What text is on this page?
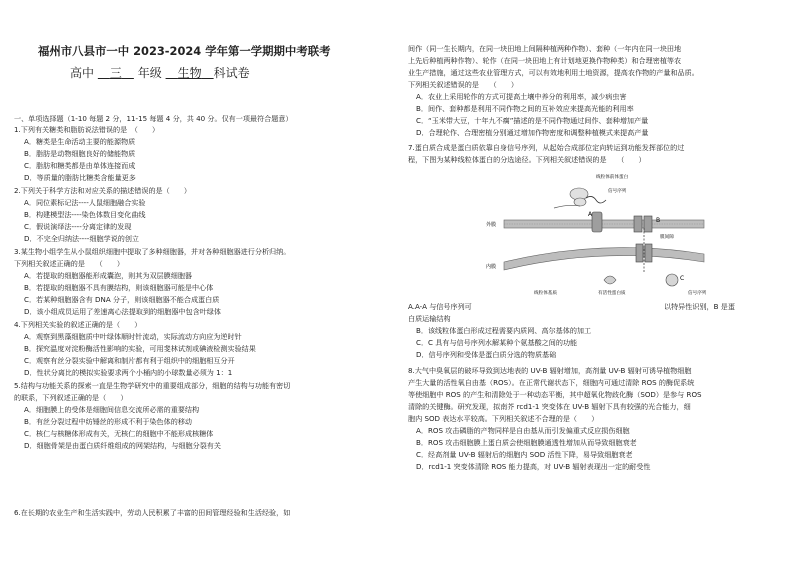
福州市八县市一中 2023-2024 学年第一学期期中考联考
高中 　 三　 年级 　 生物　 科试卷
一、单项选择题（1-10 每题 2 分，11-15 每题 4 分，共 40 分。仅有一项最符合题意）
1.下列有关糖类和脂肪说法错误的是　（　　）
A．糖类是生命活动主要的能源物质
B．脂肪是动物细胞良好的储能物质
C．脂肪和糖类都是由单体连接而成
D．等质量的脂肪比糖类含能量更多
2.下列关于科学方法和对应关系的描述错误的是（　　）
A．同位素标记法----人鼠细胞融合实验
B．构建模型法----染色体数目变化曲线
C．假说演绎法----分离定律的发现
D．不完全归纳法----细胞学说的创立
3.某生物小组学生从小鼠组织细胞中提取了多种细胞器，并对各种细胞器进行分析归纳。
下列相关叙述正确的是　　（　　）
A．若提取的细胞器能形成囊泡，则其为双层膜细胞器
B．若提取的细胞器不具有膜结构，则该细胞器可能是中心体
C．若某种细胞器含有 DNA 分子，则该细胞器不能合成蛋白质
D．该小组成员运用了差速离心法提取到的细胞器中包含叶绿体
4.下列相关实验的叙述正确的是（　　）
A．观察到黑藻细胞质中叶绿体顺时针流动，实际流动方向应为逆时针
B．探究温度对淀粉酶活性影响的实验，可用斐林试剂或碘液检测实验结果
C．观察有丝分裂实验中解离和制片都有利于组织中的细胞相互分开
D．性状分离比的模拟实验要求两个小桶内的小球数量必须为 1：1
5.结构与功能关系的探索一直是生物学研究中的重要组成部分，细胞的结构与功能有密切
的联系，下列叙述正确的是（　　）
A．细胞膜上的受体是细胞间信息交流所必需的重要结构
B．有丝分裂过程中纺锤丝的形成不利于染色体的移动
C．核仁与核糖体形成有关，无核仁的细胞中不能形成核糖体
D．细胞骨架是由蛋白质纤维组成的网架结构，与细胞分裂有关
6.在长期的农业生产和生活实践中，劳动人民积累了丰富的田间管理经验和生活经验，如
间作（同一生长期内，在同一块田地上间隔种植两种作物）、套种（一年内在同一块田地
上先后种植两种作物）、轮作（在同一块田地上有计划地更换作物种类）和合理密植等农
业生产措施，通过这些农业管理方式，可以有效地利用土地资源，提高农作物的产量和品质。
下列相关叙述错误的是　　（　　）
A．农业上采用轮作的方式可提高土壤中养分的利用率，减少病虫害
B．间作、套种都是利用不同作物之间的互补效应来提高光能的利用率
C．“玉米带大豆，十年九不瘸”描述的是不同作物通过间作、套种增加产量
D．合理轮作、合理密植分别通过增加作物密度和调整种植模式来提高产量
7.蛋白质合成是蛋白质依靠自身信号序列，从起始合成部位定向转运到功能发挥部位的过
程，下图为某种线粒体蛋白的分选途径。下列相关叙述错误的是　　（　　）
线粒体前体蛋白
信号序列
外膜
膜间隙
内膜
线粒体基质	有活性蛋白质	信号序列
A
B
C
A.A-A 与信号序列可	以特异性识别，B 是蛋
白质运输结构
B．该线粒体蛋白形成过程需要内质网、高尔基体的加工
C．C 具有与信号序列水解某种个氨基酸之间的功能
D．信号序列和受体是蛋白质分选的物质基础
8.大气中臭氧层的破坏导致到达地表的 UV-B 辐射增加，高剂量 UV-B 辐射可诱导植物细胞
产生大量的活性氧自由基（ROS）。在正常代谢状态下，细胞内可通过清除 ROS 的酶促系统
等使细胞中 ROS 的产生和清除处于一种动态平衡，其中超氧化物歧化酶（SOD）是参与 ROS
清除的关键酶。研究发现，拟南芥 rcd1-1 突变体在 UV-B 辐射下具有较强的光合能力，细
胞内 SOD 表达水平较高。下列相关叙述不合理的是（　　）
A．ROS 攻击磷脂的产物同样是自由基从而引发偏重式反应损伤细胞
B．ROS 攻击细胞膜上蛋白质会使细胞膜通透性增加从而导致细胞衰老
C．经高剂量 UV-B 辐射后的细胞内 SOD 活性下降，易导致细胞衰老
D．rcd1-1 突变体清除 ROS 能力提高，对 UV-B 辐射表现出一定的耐受性
